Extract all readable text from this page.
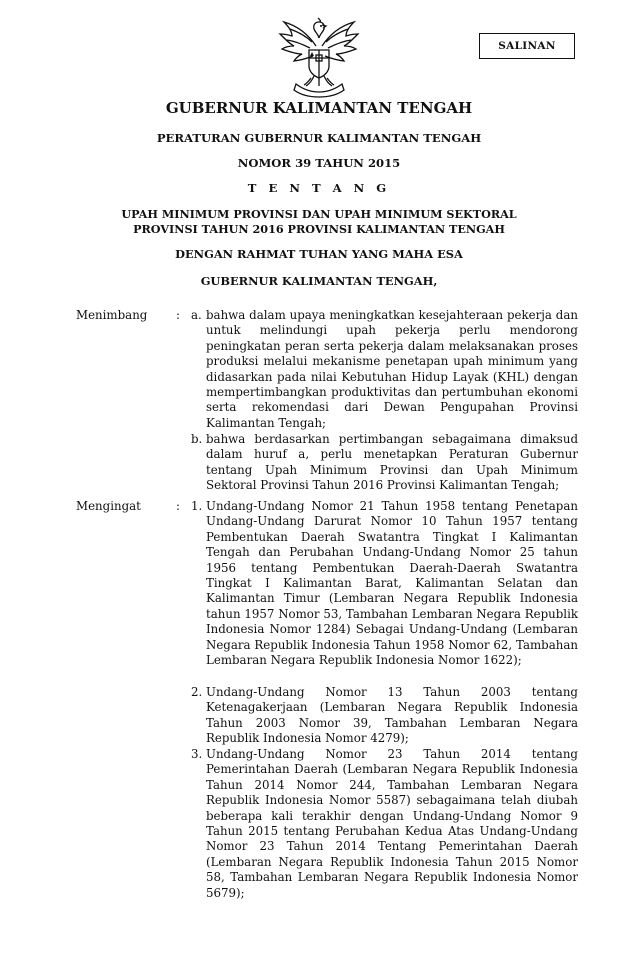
SALINAN
GUBERNUR KALIMANTAN TENGAH
PERATURAN GUBERNUR KALIMANTAN TENGAH
NOMOR 39 TAHUN 2015
T E N T A N G
UPAH MINIMUM PROVINSI DAN UPAH MINIMUM SEKTORAL
PROVINSI TAHUN 2016 PROVINSI KALIMANTAN TENGAH
DENGAN RAHMAT TUHAN YANG MAHA ESA
GUBERNUR KALIMANTAN TENGAH,
Menimbang : a. bahwa dalam upaya meningkatkan kesejahteraan pekerja dan untuk melindungi upah pekerja perlu mendorong peningkatan peran serta pekerja dalam melaksanakan proses produksi melalui mekanisme penetapan upah minimum yang didasarkan pada nilai Kebutuhan Hidup Layak (KHL) dengan mempertimbangkan produktivitas dan pertumbuhan ekonomi serta rekomendasi dari Dewan Pengupahan Provinsi Kalimantan Tengah;
b. bahwa berdasarkan pertimbangan sebagaimana dimaksud dalam huruf a, perlu menetapkan Peraturan Gubernur tentang Upah Minimum Provinsi dan Upah Minimum Sektoral Provinsi Tahun 2016 Provinsi Kalimantan Tengah;
Mengingat	: 1. Undang-Undang Nomor 21 Tahun 1958 tentang Penetapan Undang-Undang Darurat Nomor 10 Tahun 1957 tentang Pembentukan Daerah Swatantra Tingkat I Kalimantan Tengah dan Perubahan Undang-Undang Nomor 25 tahun 1956 tentang Pembentukan Daerah-Daerah Swatantra Tingkat I Kalimantan Barat, Kalimantan Selatan dan Kalimantan Timur (Lembaran Negara Republik Indonesia tahun 1957 Nomor 53, Tambahan Lembaran Negara Republik Indonesia Nomor 1284) Sebagai Undang-Undang (Lembaran Negara Republik Indonesia Tahun 1958 Nomor 62, Tambahan Lembaran Negara Republik Indonesia Nomor 1622);
2. Undang-Undang Nomor 13 Tahun 2003 tentang Ketenagakerjaan (Lembaran Negara Republik Indonesia Tahun 2003 Nomor 39, Tambahan Lembaran Negara Republik Indonesia Nomor 4279);
3. Undang-Undang Nomor 23 Tahun 2014 tentang Pemerintahan Daerah (Lembaran Negara Republik Indonesia Tahun 2014 Nomor 244, Tambahan Lembaran Negara Republik Indonesia Nomor 5587) sebagaimana telah diubah beberapa kali terakhir dengan Undang-Undang Nomor 9 Tahun 2015 tentang Perubahan Kedua Atas Undang-Undang Nomor 23 Tahun 2014 Tentang Pemerintahan Daerah (Lembaran Negara Republik Indonesia Tahun 2015 Nomor 58, Tambahan Lembaran Negara Republik Indonesia Nomor 5679);
